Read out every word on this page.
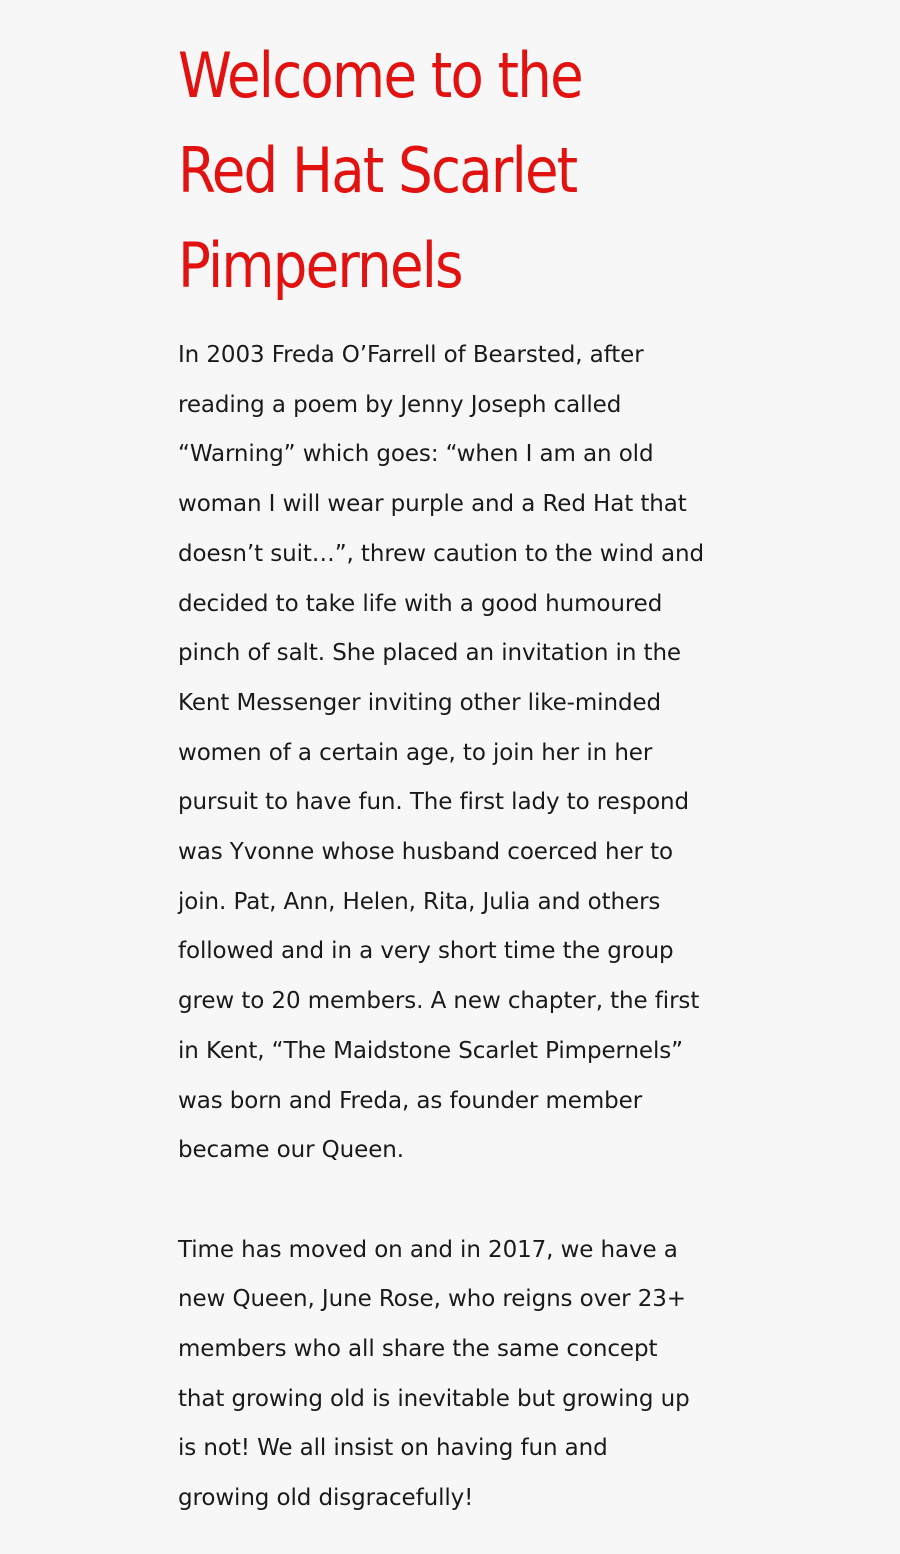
Welcome to the
Red Hat Scarlet
Pimpernels
In 2003 Freda O’Farrell of Bearsted, after
reading a poem by Jenny Joseph called
“Warning” which goes: “when I am an old
woman I will wear purple and a Red Hat that
doesn’t suit…”, threw caution to the wind and
decided to take life with a good humoured
pinch of salt. She placed an invitation in the
Kent Messenger inviting other like-minded
women of a certain age, to join her in her
pursuit to have fun. The first lady to respond
was Yvonne whose husband coerced her to
join. Pat, Ann, Helen, Rita, Julia and others
followed and in a very short time the group
grew to 20 members. A new chapter, the first
in Kent, “The Maidstone Scarlet Pimpernels”
was born and Freda, as founder member
became our Queen.
Time has moved on and in 2017, we have a
new Queen, June Rose, who reigns over 23+
members who all share the same concept
that growing old is inevitable but growing up
is not! We all insist on having fun and
growing old disgracefully!
